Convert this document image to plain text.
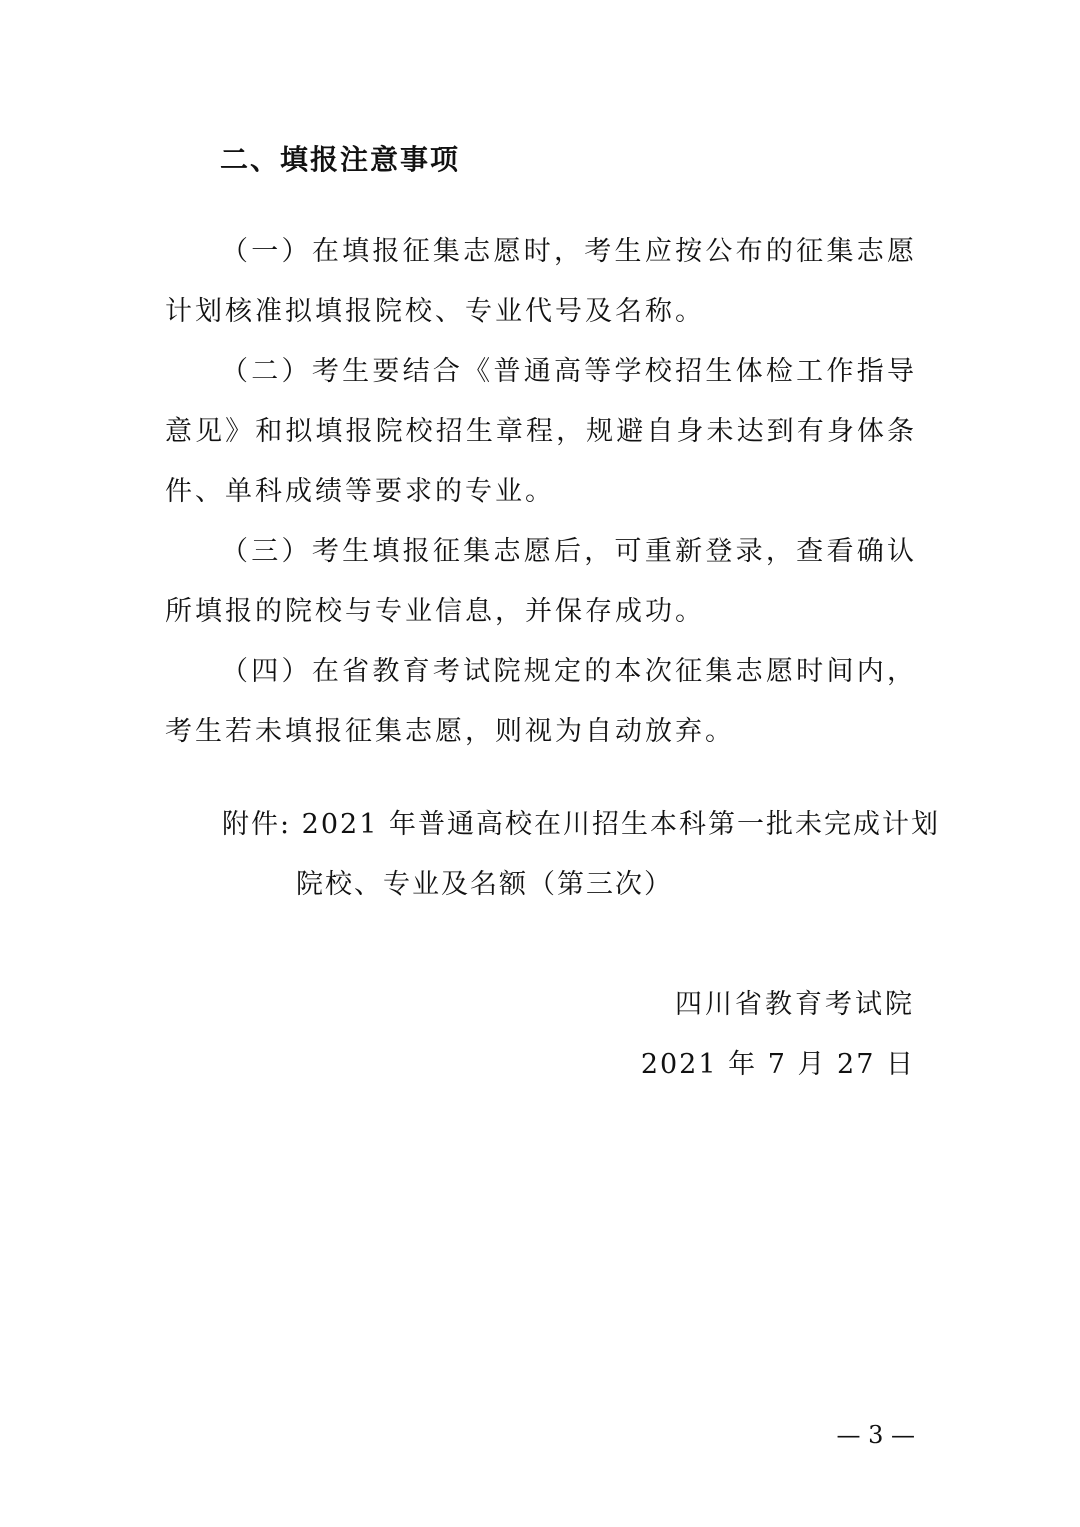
二、填报注意事项

（一）在填报征集志愿时，考生应按公布的征集志愿计划核准拟填报院校、专业代号及名称。

（二）考生要结合《普通高等学校招生体检工作指导意见》和拟填报院校招生章程，规避自身未达到有身体条件、单科成绩等要求的专业。

（三）考生填报征集志愿后，可重新登录，查看确认所填报的院校与专业信息，并保存成功。

（四）在省教育考试院规定的本次征集志愿时间内，考生若未填报征集志愿，则视为自动放弃。

附件: 2021 年普通高校在川招生本科第一批未完成计划
院校、专业及名额（第三次）
四川省教育考试院
2021 年 7 月 27 日
— 3 —
